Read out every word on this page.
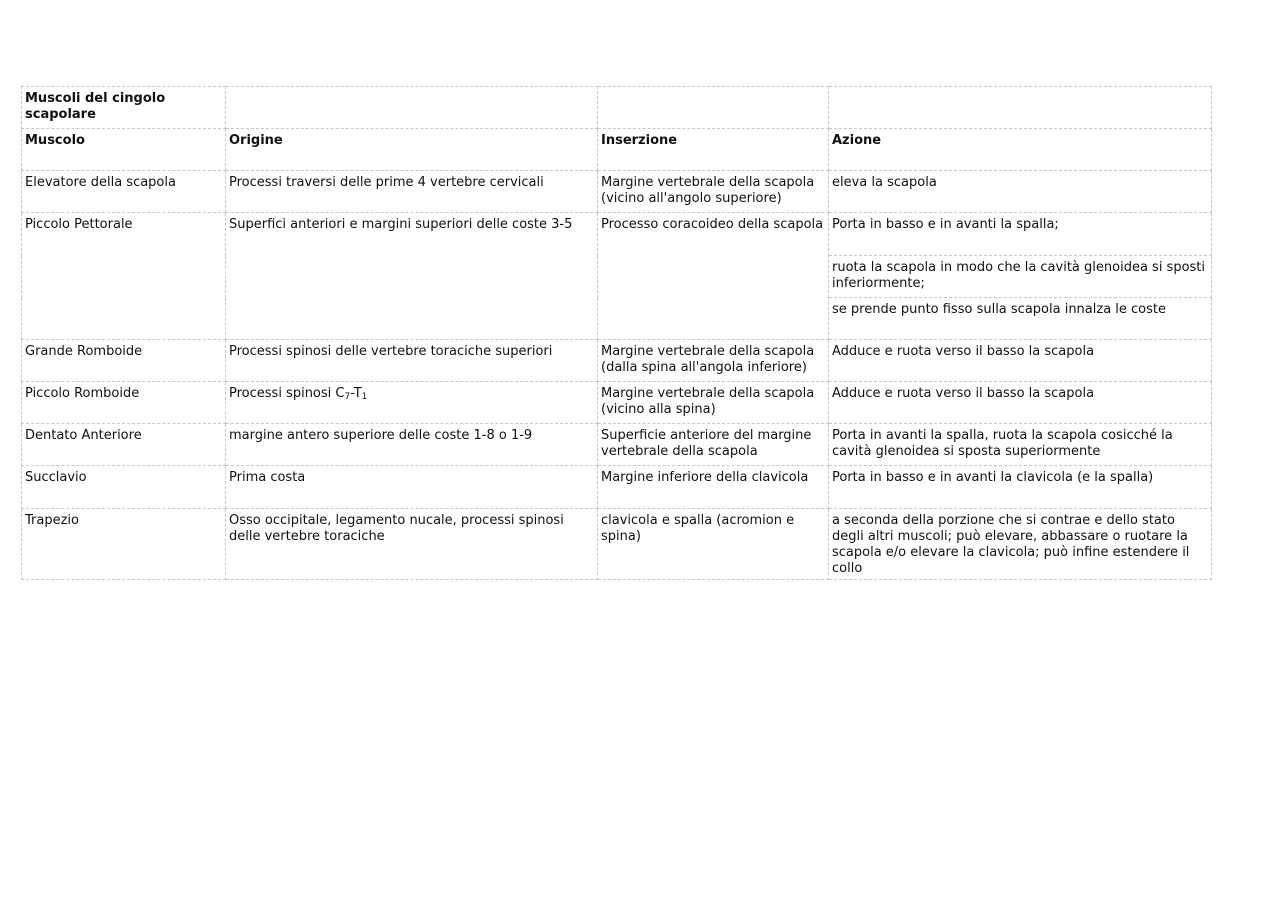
Muscoli del cingolo scapolare			
Muscolo	Origine	Inserzione	Azione
Elevatore della scapola	Processi traversi delle prime 4 vertebre cervicali	Margine vertebrale della scapola (vicino all'angolo superiore)	eleva la scapola
Piccolo Pettorale	Superfici anteriori e margini superiori delle coste 3-5	Processo coracoideo della scapola	Porta in basso e in avanti la spalla;
			ruota la scapola in modo che la cavità glenoidea si sposti inferiormente;
			se prende punto fisso sulla scapola innalza le coste
Grande Romboide	Processi spinosi delle vertebre toraciche superiori	Margine vertebrale della scapola (dalla spina all'angola inferiore)	Adduce e ruota verso il basso la scapola
Piccolo Romboide	Processi spinosi $C_7-T_1$	Margine vertebrale della scapola (vicino alla spina)	Adduce e ruota verso il basso la scapola
Dentato Anteriore	margine antero superiore delle coste 1-8 o 1-9	Superficie anteriore del margine vertebrale della scapola	Porta in avanti la spalla, ruota la scapola cosicché la cavità glenoidea si sposta superiormente
Succlavio	Prima costa	Margine inferiore della clavicola	Porta in basso e in avanti la clavicola (e la spalla)
Trapezio	Osso occipitale, legamento nucale, processi spinosi delle vertebre toraciche	clavicola e spalla (acromion e spina)	a seconda della porzione che si contrae e dello stato degli altri muscoli; può elevare, abbassare o ruotare la scapola e/o elevare la clavicola; può infine estendere il collo
